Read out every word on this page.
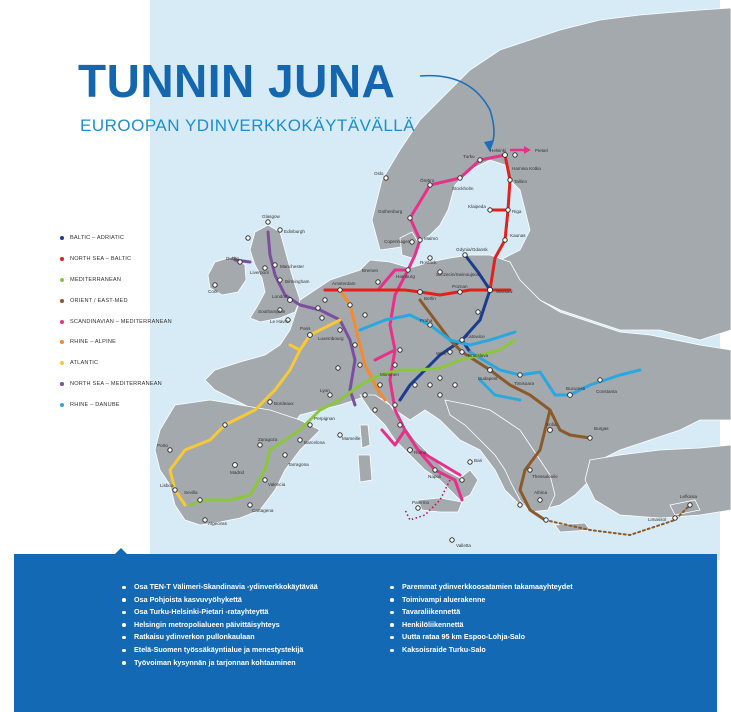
Helsinki
Turku
Pietari
Hamina Kotka
Tallinn
Riga
Klaipeda
Kaunas
Stockholm
Örebro
Oslo
Gothenburg
Malmö
Copenhagen
Hamburg
Bremen
Berlin
Rostock
Gdynia/Gdansk
Szczecin/Swinoujscie
Poznan
Warsaw
Katowice
Praha
Wien	Bratislava
Budapest
Timisoara
Bucuresti
Constanta
Sofia
Burgas
Thessaloniki
Athina
Lefkosia
Limassol
München
Amsterdam
Luxembourg
Paris
Le Havre
Lyon
Marseille
Bordeaux
London
Dublin
Cork
Glasgow
Edinburgh
Manchester
Liverpool
Birmingham
Southampton
Roma
Napoli
Bari
Palermo
Valletta
Madrid
Barcelona
Valencia
Sevilla
Lisboa
Porto
Zaragoza
Algeciras
Cartagena
Tarragona
Perpignan
TUNNIN JUNA
EUROOPAN YDINVERKKOKÄYTÄVÄLLÄ
BALTIC – ADRIATIC
NORTH SEA – BALTIC
MEDITERRANEAN
ORIENT / EAST-MED
SCANDINAVIAN – MEDITERRANEAN
RHINE – ALPINE
ATLANTIC
NORTH SEA – MEDITERRANEAN
RHINE – DANUBE
Osa TEN-T Välimeri-Skandinavia -ydinverkkokäytävää
Osa Pohjoista kasvuvyöhykettä
Osa Turku-Helsinki-Pietari -ratayhteyttä
Helsingin metropolialueen päivittäisyhteys
Ratkaisu ydinverkon pullonkaulaan
Etelä-Suomen työssäkäyntialue ja menestystekijä
Työvoiman kysynnän ja tarjonnan kohtaaminen
Paremmat ydinverkkoosatamien takamaayhteydet
Toimivampi aluerakenne
Tavaraliikennettä
Henkilöliikennettä
Uutta rataa 95 km Espoo-Lohja-Salo
Kaksoisraide Turku-Salo
